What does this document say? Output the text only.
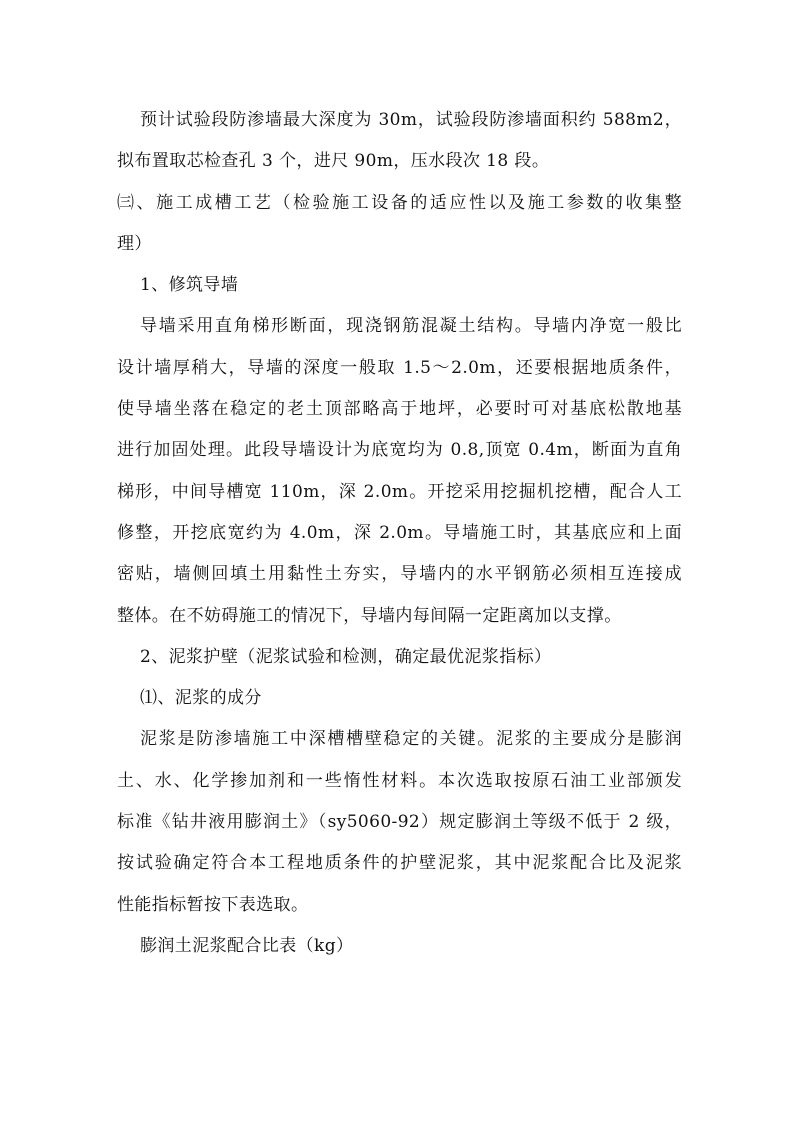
预计试验段防渗墙最大深度为 30m，试验段防渗墙面积约 588m2，
拟布置取芯检查孔 3 个，进尺 90m，压水段次 18 段。
㈢、施工成槽工艺（检验施工设备的适应性以及施工参数的收集整
理）
1、修筑导墙
导墙采用直角梯形断面，现浇钢筋混凝土结构。导墙内净宽一般比
设计墙厚稍大，导墙的深度一般取 1.5～2.0m，还要根据地质条件，
使导墙坐落在稳定的老土顶部略高于地坪，必要时可对基底松散地基
进行加固处理。此段导墙设计为底宽均为 0.8,顶宽 0.4m，断面为直角
梯形，中间导槽宽 110m，深 2.0m。开挖采用挖掘机挖槽，配合人工
修整，开挖底宽约为 4.0m，深 2.0m。导墙施工时，其基底应和上面
密贴，墙侧回填土用黏性土夯实，导墙内的水平钢筋必须相互连接成
整体。在不妨碍施工的情况下，导墙内每间隔一定距离加以支撑。
2、泥浆护壁（泥浆试验和检测，确定最优泥浆指标）
⑴、泥浆的成分
泥浆是防渗墙施工中深槽槽壁稳定的关键。泥浆的主要成分是膨润
土、水、化学掺加剂和一些惰性材料。本次选取按原石油工业部颁发
标准《钻井液用膨润土》（sy5060-92）规定膨润土等级不低于 2 级，
按试验确定符合本工程地质条件的护壁泥浆，其中泥浆配合比及泥浆
性能指标暂按下表选取。
膨润土泥浆配合比表（kg）
